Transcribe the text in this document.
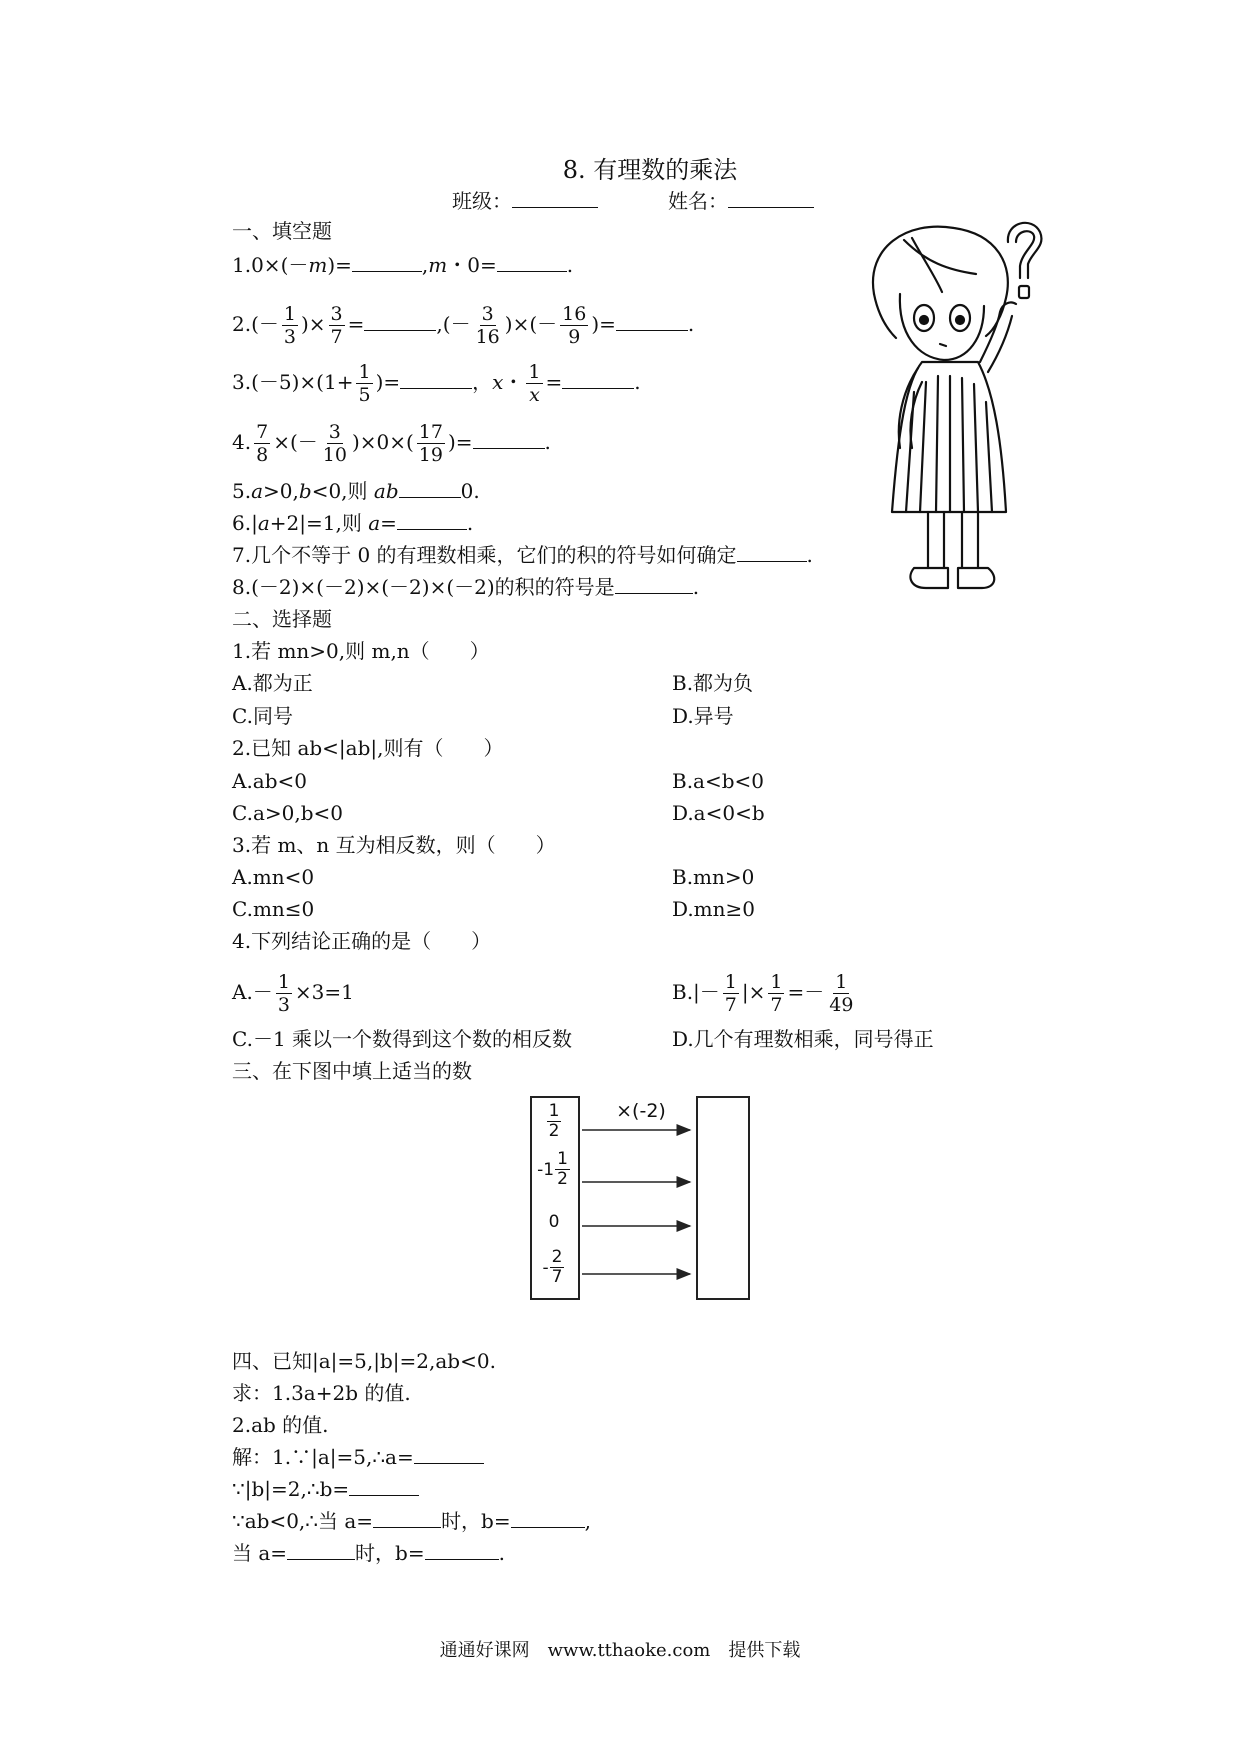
8. 有理数的乘法
班级：	姓名：
一、填空题
1.0×(－m)=	,m・0=	.
$2.(- \frac{1}{3}$ )× $\frac{3}{7}$ =	,(－ $\frac{3}{16}$ )×(－ $\frac{16}{9}$ )=	.
$3.(-5)\times(1+ \frac{1}{5}$ )=	，x・ $\frac{1}{x}$ =	.
4. $\frac{7}{8}$ ×(－ $\frac{3}{10} )\times 0\times( \frac{17}{19}$ )=	.
5.a>0,b<0,则 ab	0.
6.|a+2|=1,则 a=	.
7.几个不等于 0 的有理数相乘，它们的积的符号如何确定	.
8.(－2)×(－2)×(－2)×(－2)的积的符号是	.
二、选择题
1.若 mn>0,则 m,n（　　）
A.都为正	B.都为负
C.同号	D.异号
2.已知 ab<|ab|,则有（　　）
A.ab<0	B.a<b<0
C.a>0,b<0	D.a<0<b
3.若 m、n 互为相反数，则（　　）
A.mn<0	B.mn>0
C.mn≤0	D.mn≥0
4.下列结论正确的是（　　）
$A.- \frac{1}{3} \times 3=1$	$B.|- \frac{1}{7}$ |× $\frac{1}{7} =- \frac{1}{49}$
C.－1 乘以一个数得到这个数的相反数	D.几个有理数相乘，同号得正
三、在下图中填上适当的数
×(-2)
$\frac{1}{2}$
$-1 \frac{1}{2}$
0
- $\frac{2}{7}$
四、已知|a|=5,|b|=2,ab<0.
求：1.3a+2b 的值.
2.ab 的值.
解：1.∵|a|=5,∴a=
∵|b|=2,∴b=
∵ab<0,∴当 a=	时，b=	,
当 a=	时，b=	.
通通好课网　www.tthaoke.com　提供下载
